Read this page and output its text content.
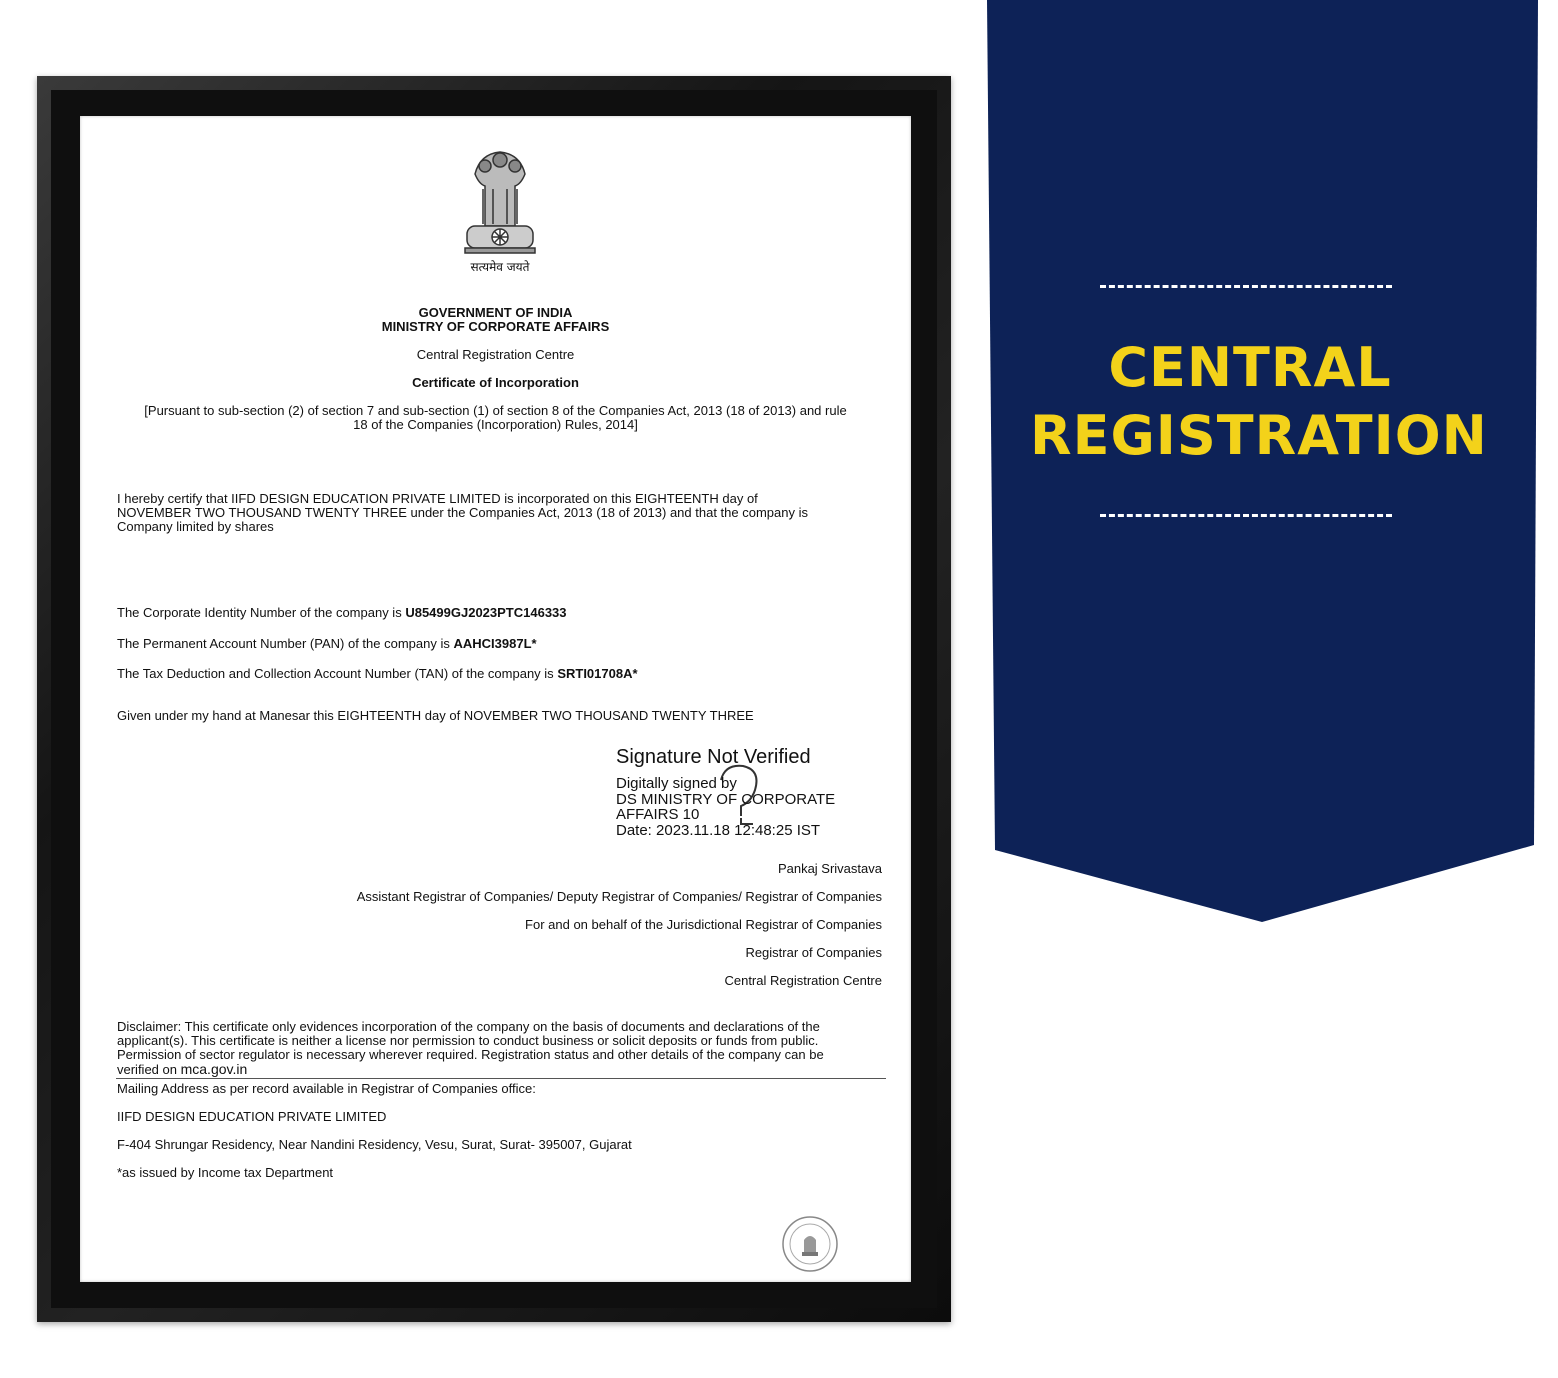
सत्यमेव जयते
GOVERNMENT OF INDIA
MINISTRY OF CORPORATE AFFAIRS
Central Registration Centre
Certificate of Incorporation
[Pursuant to sub-section (2) of section 7 and sub-section (1) of section 8 of the Companies Act, 2013 (18 of 2013) and rule
18 of the Companies (Incorporation) Rules, 2014]
I hereby certify that IIFD DESIGN EDUCATION PRIVATE LIMITED is incorporated on this EIGHTEENTH day of
NOVEMBER TWO THOUSAND TWENTY THREE under the Companies Act, 2013 (18 of 2013) and that the company is
Company limited by shares
The Corporate Identity Number of the company is U85499GJ2023PTC146333
The Permanent Account Number (PAN) of the company is AAHCI3987L*
The Tax Deduction and Collection Account Number (TAN) of the company is SRTI01708A*
Given under my hand at Manesar this EIGHTEENTH day of NOVEMBER TWO THOUSAND TWENTY THREE
Signature Not Verified
Digitally signed by
DS MINISTRY OF CORPORATE
AFFAIRS 10
Date: 2023.11.18 12:48:25 IST
Pankaj Srivastava
Assistant Registrar of Companies/ Deputy Registrar of Companies/ Registrar of Companies
For and on behalf of the Jurisdictional Registrar of Companies
Registrar of Companies
Central Registration Centre
Disclaimer: This certificate only evidences incorporation of the company on the basis of documents and declarations of the
applicant(s). This certificate is neither a license nor permission to conduct business or solicit deposits or funds from public.
Permission of sector regulator is necessary wherever required. Registration status and other details of the company can be
verified on mca.gov.in
Mailing Address as per record available in Registrar of Companies office:
IIFD DESIGN EDUCATION PRIVATE LIMITED
F-404 Shrungar Residency, Near Nandini Residency, Vesu, Surat, Surat- 395007, Gujarat
*as issued by Income tax Department
CENTRAL
REGISTRATION
